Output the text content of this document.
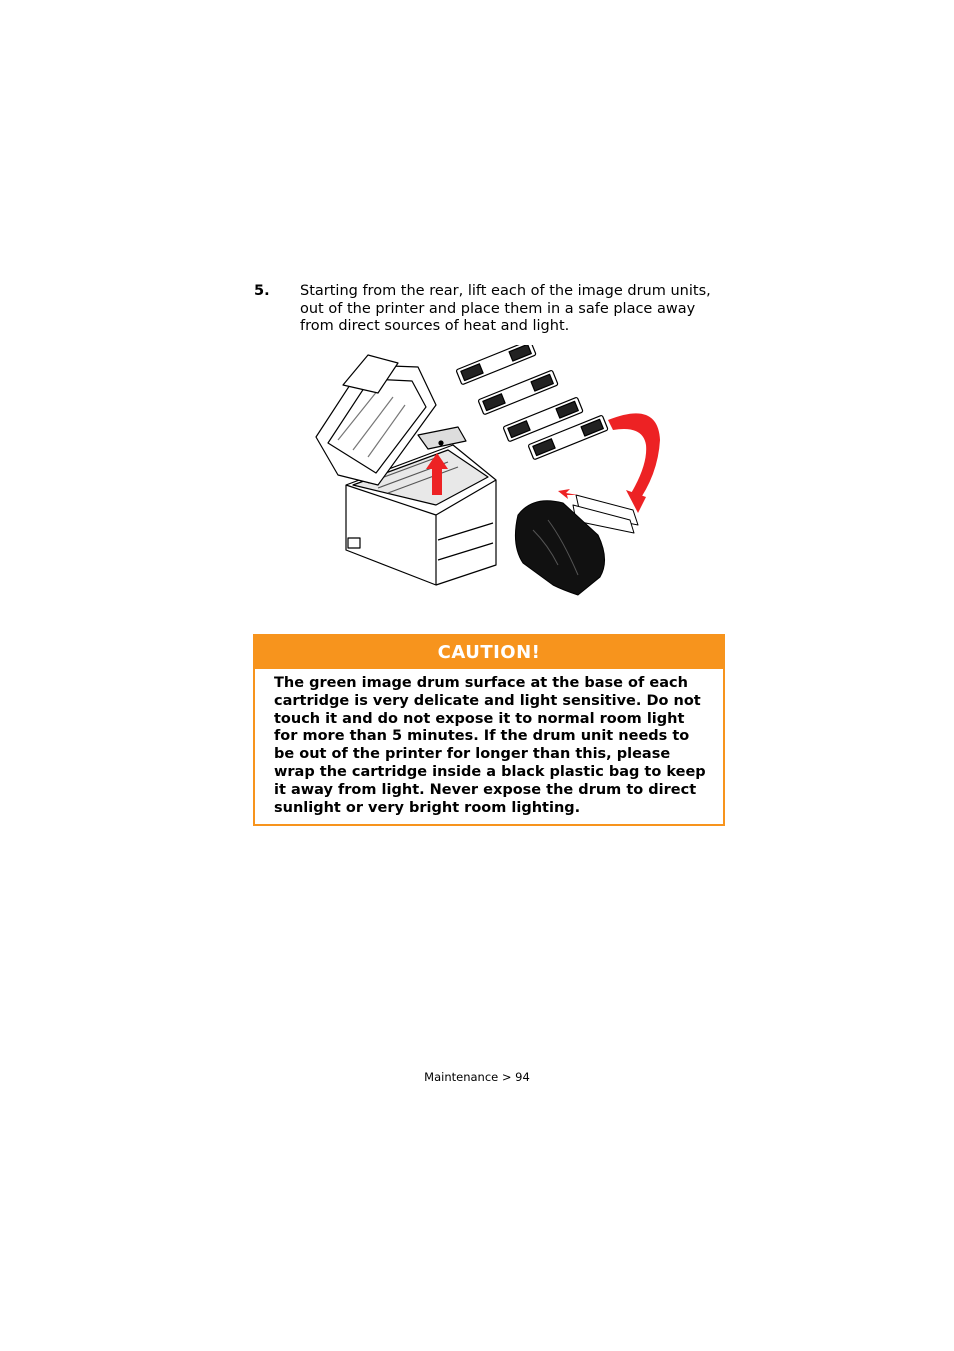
5. Starting from the rear, lift each of the image drum units,
out of the printer and place them in a safe place away
from direct sources of heat and light.
CAUTION!
The green image drum surface at the base of each cartridge is very delicate and light sensitive. Do not touch it and do not expose it to normal room light for more than 5 minutes. If the drum unit needs to be out of the printer for longer than this, please wrap the cartridge inside a black plastic bag to keep it away from light. Never expose the drum to direct sunlight or very bright room lighting.
Maintenance > 94
